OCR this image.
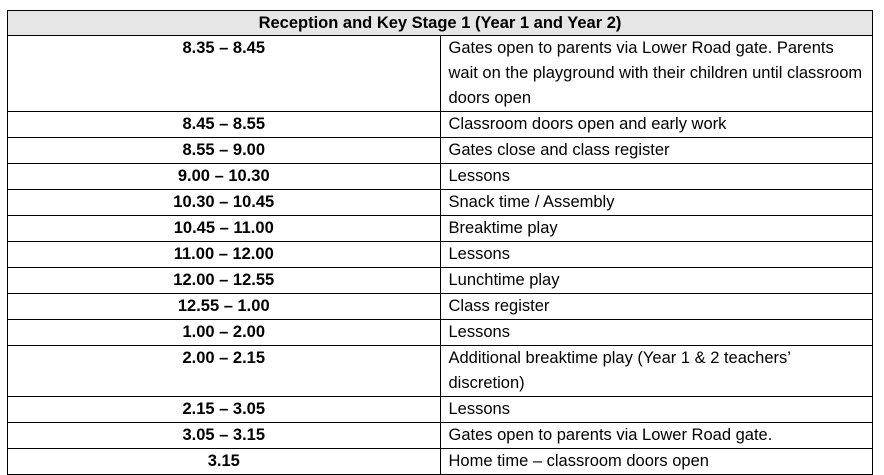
Reception and Key Stage 1 (Year 1 and Year 2)	
8.35 – 8.45	Gates open to parents via Lower Road gate. Parents wait on the playground with their children until classroom doors open
8.45 – 8.55	Classroom doors open and early work
8.55 – 9.00	Gates close and class register
9.00 – 10.30	Lessons
10.30 – 10.45	Snack time / Assembly
10.45 – 11.00	Breaktime play
11.00 – 12.00	Lessons
12.00 – 12.55	Lunchtime play
12.55 – 1.00	Class register
1.00 – 2.00	Lessons
2.00 – 2.15	Additional breaktime play (Year 1 & 2 teachers’ discretion)
2.15 – 3.05	Lessons
3.05 – 3.15	Gates open to parents via Lower Road gate.
3.15	Home time – classroom doors open
